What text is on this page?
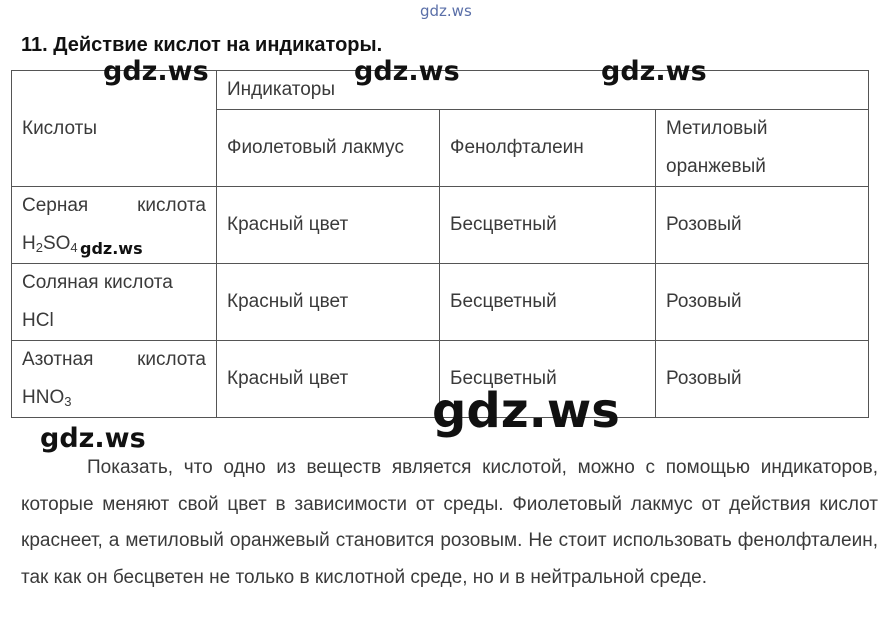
gdz.ws
11. Действие кислот на индикаторы.
Кислоты	Индикаторы		
	Фиолетовый лакмус	Фенолфталеин	Метиловый оранжевый

Серная кислота
$H_2SO_4$	Красный цвет	Бесцветный	Розовый

Соляная кислота
HCl	Красный цвет	Бесцветный	Розовый

Азотная кислота
$HNO_3$	Красный цвет	Бесцветный	Розовый
Показать, что одно из веществ является кислотой, можно с помощью индикаторов, которые меняют свой цвет в зависимости от среды. Фиолетовый лакмус от действия кислот краснеет, а метиловый оранжевый становится розовым. Не стоит использовать фенолфталеин, так как он бесцветен не только в кислотной среде, но и в нейтральной среде.
gdz.ws	gdz.ws	gdz.ws
gdz.ws
gdz.ws
gdz.ws
